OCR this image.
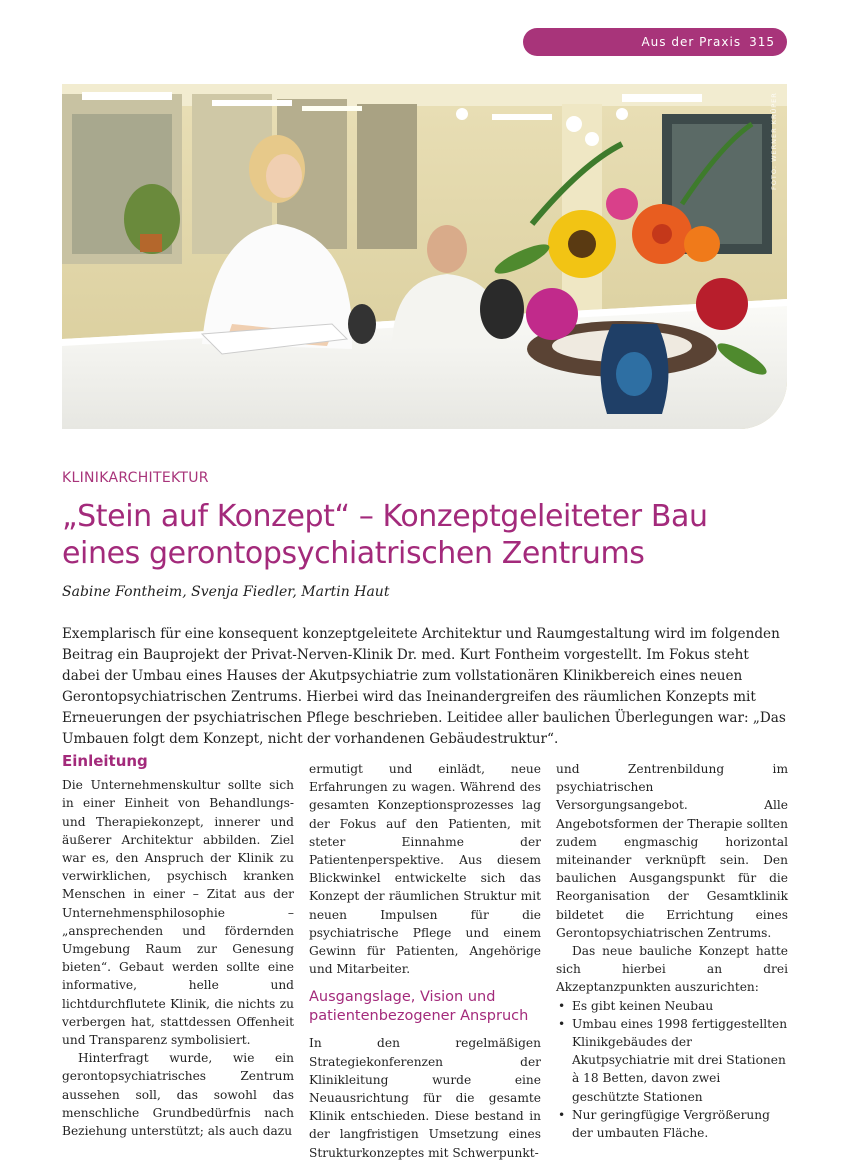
Aus der Praxis 315
FOTO: WERNER KRÜPER
KLINIKARCHITEKTUR
„Stein auf Konzept“ – Konzeptgeleiteter Bau
eines gerontopsychiatrischen Zentrums
Sabine Fontheim, Svenja Fiedler, Martin Haut

Exemplarisch für eine konsequent konzeptgeleitete Architektur und Raumgestaltung wird im folgenden Beitrag ein Bauprojekt der Privat-Nerven-Klinik Dr. med. Kurt Fontheim vorgestellt. Im Fokus steht dabei der Umbau eines Hauses der Akutpsychiatrie zum vollstationären Klinikbereich eines neuen Gerontopsychiatrischen Zentrums. Hierbei wird das Ineinandergreifen des räumlichen Konzepts mit Erneuerungen der psychiatrischen Pflege beschrieben. Leitidee aller baulichen Überlegungen war: „Das Umbauen folgt dem Konzept, nicht der vorhandenen Gebäudestruktur“.

Einleitung

Die Unternehmenskultur sollte sich in einer Einheit von Behandlungs- und Therapiekonzept, innerer und äußerer Architektur abbilden. Ziel war es, den Anspruch der Klinik zu verwirklichen, psychisch kranken Menschen in einer – Zitat aus der Unternehmensphilosophie – „ansprechenden und fördernden Umgebung Raum zur Genesung bieten“. Gebaut werden sollte eine informative, helle und lichtdurchflutete Klinik, die nichts zu verbergen hat, stattdessen Offenheit und Transparenz symbolisiert.

Hinterfragt wurde, wie ein gerontopsychiatrisches Zentrum aussehen soll, das sowohl das menschliche Grundbedürfnis nach Beziehung unterstützt; als auch dazu

ermutigt und einlädt, neue Erfahrungen zu wagen. Während des gesamten Konzeptionsprozesses lag der Fokus auf den Patienten, mit steter Einnahme der Patientenperspektive. Aus diesem Blickwinkel entwickelte sich das Konzept der räumlichen Struktur mit neuen Impulsen für die psychiatrische Pflege und einem Gewinn für Patienten, Angehörige und Mitarbeiter.

Ausgangslage, Vision und patientenbezogener Anspruch

In den regelmäßigen Strategiekonferenzen der Klinikleitung wurde eine Neuausrichtung für die gesamte Klinik entschieden. Diese bestand in der langfristigen Umsetzung eines Strukturkonzeptes mit Schwerpunkt-

und Zentrenbildung im psychiatrischen Versorgungsangebot. Alle Angebotsformen der Therapie sollten zudem engmaschig horizontal miteinander verknüpft sein. Den baulichen Ausgangspunkt für die Reorganisation der Gesamtklinik bildetet die Errichtung eines Gerontopsychiatrischen Zentrums.

Das neue bauliche Konzept hatte sich hierbei an drei Akzeptanzpunkten auszurichten:

• Es gibt keinen Neubau
• Umbau eines 1998 fertiggestellten Klinikgebäudes der Akutpsychiatrie mit drei Stationen à 18 Betten, davon zwei geschützte Stationen
• Nur geringfügige Vergrößerung der umbauten Fläche.
